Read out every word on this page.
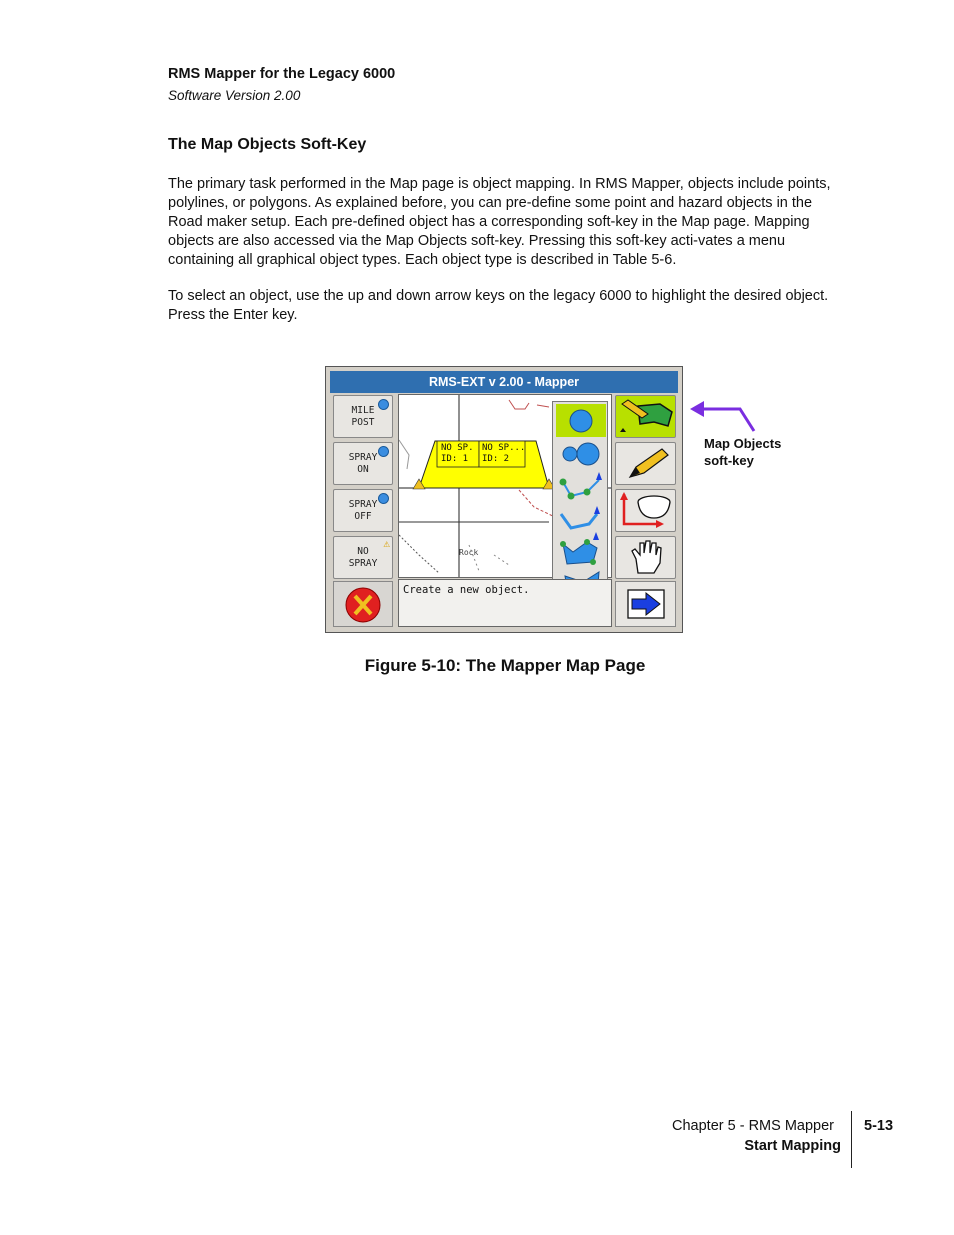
RMS Mapper for the Legacy 6000
Software Version 2.00
The Map Objects Soft-Key

The primary task performed in the Map page is object mapping. In RMS Mapper, objects include points, polylines, or polygons. As explained before, you can pre-define some point and hazard objects in the Road maker setup. Each pre-defined object has a corresponding soft-key in the Map page. Mapping objects are also accessed via the Map Objects soft-key. Pressing this soft-key acti-vates a menu containing all graphical object types. Each object type is described in Table 5-6.

To select an object, use the up and down arrow keys on the legacy 6000 to highlight the desired object. Press the Enter key.

RMS-EXT v 2.00 - Mapper
MILE
POST
SPRAY
ON
SPRAY
OFF
⚠
NO
SPRAY
NO SP.
ID: 1
NO SP...
ID: 2
Rock
Create a new object.
Map Objects
soft-key
Figure 5-10: The Mapper Map Page
Chapter 5 - RMS Mapper
Start Mapping
5-13
